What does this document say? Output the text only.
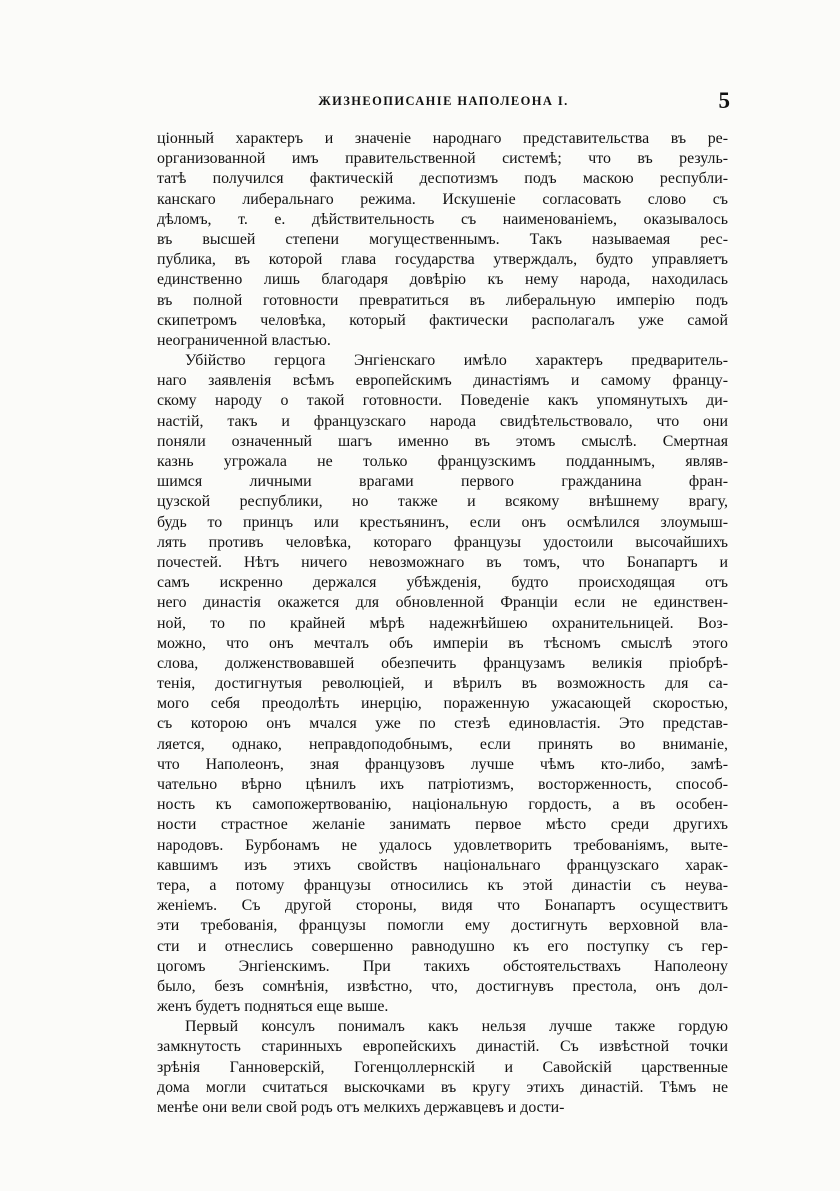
ЖИЗНЕОПИСАНІЕ НАПОЛЕОНА I.	5
ціонный характеръ и значеніе народнаго представительства въ ре-
организованной имъ правительственной системѣ; что въ резуль-
татѣ получился фактическій деспотизмъ подъ маскою республи-
канскаго либеральнаго режима. Искушеніе согласовать слово съ
дѣломъ, т. е. дѣйствительность съ наименованіемъ, оказывалось
въ высшей степени могущественнымъ. Такъ называемая рес-
публика, въ которой глава государства утверждалъ, будто управляетъ
единственно лишь благодаря довѣрію къ нему народа, находилась
въ полной готовности превратиться въ либеральную имперію подъ
скипетромъ человѣка, который фактически располагалъ уже самой
неограниченной властью.
Убійство герцога Энгіенскаго имѣло характеръ предваритель-
наго заявленія всѣмъ европейскимъ династіямъ и самому францу-
скому народу о такой готовности. Поведеніе какъ упомянутыхъ ди-
настій, такъ и французскаго народа свидѣтельствовало, что они
поняли означенный шагъ именно въ этомъ смыслѣ. Смертная
казнь угрожала не только французскимъ подданнымъ, являв-
шимся личными врагами первого гражданина фран-
цузской республики, но также и всякому внѣшнему врагу,
будь то принцъ или крестьянинъ, если онъ осмѣлился злоумыш-
лять противъ человѣка, котораго французы удостоили высочайшихъ
почестей. Нѣтъ ничего невозможнаго въ томъ, что Бонапартъ и
самъ искренно держался убѣжденія, будто происходящая отъ
него династія окажется для обновленной Франціи если не единствен-
ной, то по крайней мѣрѣ надежнѣйшею охранительницей. Воз-
можно, что онъ мечталъ объ имперіи въ тѣсномъ смыслѣ этого
слова, долженствовавшей обезпечить французамъ великія пріобрѣ-
тенія, достигнутыя революціей, и вѣрилъ въ возможность для са-
мого себя преодолѣть инерцію, пораженную ужасающей скоростью,
съ которою онъ мчался уже по стезѣ единовластія. Это представ-
ляется, однако, неправдоподобнымъ, если принять во вниманіе,
что Наполеонъ, зная французовъ лучше чѣмъ кто-либо, замѣ-
чательно вѣрно цѣнилъ ихъ патріотизмъ, восторженность, способ-
ность къ самопожертвованію, національную гордость, а въ особен-
ности страстное желаніе занимать первое мѣсто среди другихъ
народовъ. Бурбонамъ не удалось удовлетворить требованіямъ, выте-
кавшимъ изъ этихъ свойствъ національнаго французскаго харак-
тера, а потому французы относились къ этой династіи съ неува-
женіемъ. Съ другой стороны, видя что Бонапартъ осуществитъ
эти требованія, французы помогли ему достигнуть верховной вла-
сти и отнеслись совершенно равнодушно къ его поступку съ гер-
цогомъ Энгіенскимъ. При такихъ обстоятельствахъ Наполеону
было, безъ сомнѣнія, извѣстно, что, достигнувъ престола, онъ дол-
женъ будетъ подняться еще выше.
Первый консулъ понималъ какъ нельзя лучше также гордую
замкнутость старинныхъ европейскихъ династій. Съ извѣстной точки
зрѣнія Ганноверскій, Гогенцоллернскій и Савойскій царственные
дома могли считаться выскочками въ кругу этихъ династій. Тѣмъ не
менѣе они вели свой родъ отъ мелкихъ державцевъ и дости-
